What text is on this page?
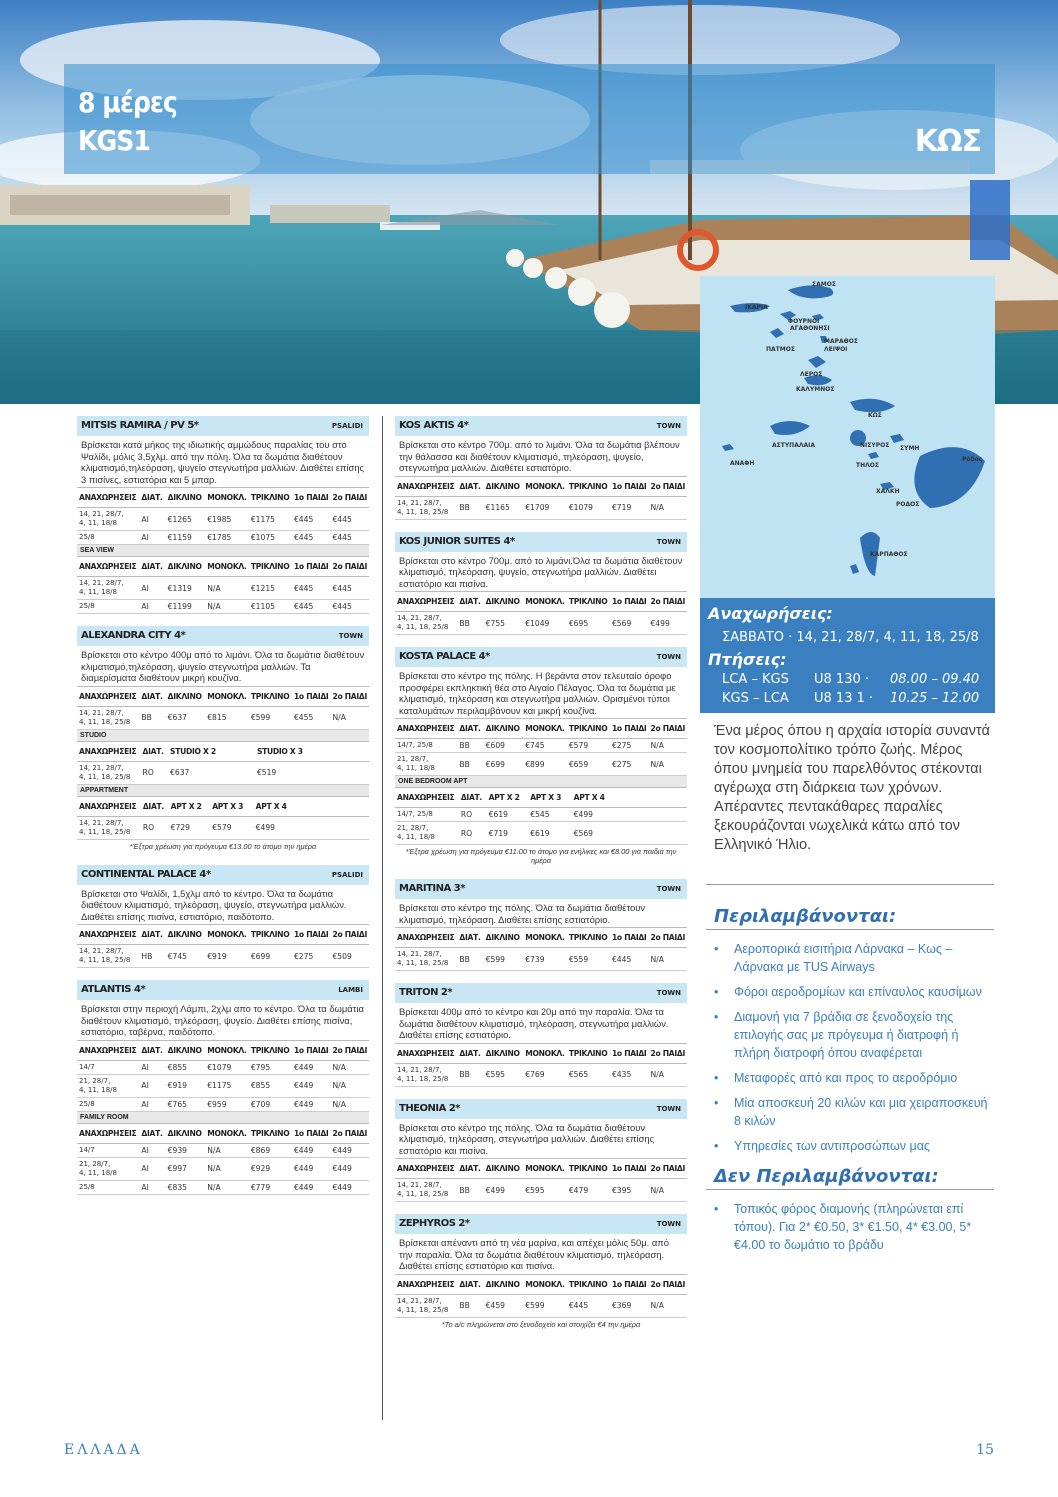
8 μέρες
KGS1	ΚΩΣ
ΣΑΜΟΣ
ΙΚΑΡΙΑ
ΦΟΥΡΝΟΙ
ΑΓΑΘΟΝΗΣΙ
ΠΑΤΜΟΣ
ΜΑΡΑΘΟΣ
ΛΕΙΨΟΙ
ΛΕΡΟΣ
ΚΑΛΥΜΝΟΣ
ΚΩΣ
ΑΣΤΥΠΑΛΑΙΑ	ΝΙΣΥΡΟΣ ΣΥΜΗ
ΑΝΑΦΗ	ΤΗΛΟΣ
Ρόδος
ΧΑΛΚΗ
ΡΟΔΟΣ
ΚΑΡΠΑΘΟΣ
Αναχωρήσεις:
ΣΑΒΒΑΤΟ · 14, 21, 28/7, 4, 11, 18, 25/8
Πτήσεις:
LCA – KGS U8 130 · 08.00 – 09.40
KGS – LCA U8 13 1 · 10.25 – 12.00
Ένα μέρος όπου η αρχαία ιστορία συναντά τον κοσμοπολίτικο τρόπο ζωής. Μέρος όπου μνημεία του παρελθόντος στέκονται αγέρωχα στη διάρκεια των χρόνων. Απέραντες πεντακάθαρες παραλίες ξεκουράζονται νωχελικά κάτω από τον Ελληνικό Ήλιο.
Περιλαμβάνονται:
• Αεροπορικά εισιτήρια Λάρνακα – Κως – Λάρνακα με TUS Airways
• Φόροι αεροδρομίων και επίναυλος καυσίμων
• Διαμονή για 7 βράδια σε ξενοδοχείο της επιλογής σας με πρόγευμα ή διατροφή ή πλήρη διατροφή όπου αναφέρεται
• Μεταφορές από και προς το αεροδρόμιο
• Μία αποσκευή 20 κιλών και μια χειραποσκευή 8 κιλών
• Υπηρεσίες των αντιπροσώπων μας
Δεν Περιλαμβάνονται:
• Τοπικός φόρος διαμονής (πληρώνεται επί τόπου). Για 2* €0.50, 3* €1.50, 4* €3.00, 5* €4.00 το δωμάτιο το βράδυ
MITSIS RAMIRA / PV 5*	PSALIDI
Βρίσκεται κατά μήκος της ιδιωτικής αμμώδους παραλίας του στο Ψαλίδι, μόλις 3,5χλμ. από την πόλη. Όλα τα δωμάτια διαθέτουν κλιματισμό,τηλεόραση, ψυγείο στεγνωτήρα μαλλιών. Διαθέτει επίσης 3 πισίνες, εστιατόρια και 5 μπαρ.
ΑΝΑΧΩΡΗΣΕΙΣ	ΔΙΑΤ.	ΔΙΚΛΙΝΟ	ΜΟΝΟΚΛ.	ΤΡΙΚΛΙΝΟ	1ο ΠΑΙΔΙ	2ο ΠΑΙΔΙ
14, 21, 28/7,
4, 11, 18/8	AI	€1265	€1985	€1175	€445	€445
25/8	AI	€1159	€1785	€1075	€445	€445
SEA VIEW
ΑΝΑΧΩΡΗΣΕΙΣ	ΔΙΑΤ.	ΔΙΚΛΙΝΟ	ΜΟΝΟΚΛ.	ΤΡΙΚΛΙΝΟ	1ο ΠΑΙΔΙ	2ο ΠΑΙΔΙ
14, 21, 28/7,
4, 11, 18/8	AI	€1319	N/A	€1215	€445	€445
25/8	AI	€1199	N/A	€1105	€445	€445
ALEXANDRA CITY 4*	TOWN
Βρίσκεται στο κέντρο 400μ από το λιμάνι. Όλα τα δωμάτια διαθέτουν κλιματισμό,τηλεόραση, ψυγείο στεγνωτήρα μαλλιών. Τα διαμερίσματα διαθέτουν μικρή κουζίνα.
ΑΝΑΧΩΡΗΣΕΙΣ	ΔΙΑΤ.	ΔΙΚΛΙΝΟ	ΜΟΝΟΚΛ.	ΤΡΙΚΛΙΝΟ	1ο ΠΑΙΔΙ	2ο ΠΑΙΔΙ
14, 21, 28/7,
4, 11, 18, 25/8	BB	€637	€815	€599	€455	N/A
STUDIO
ΑΝΑΧΩΡΗΣΕΙΣ	ΔΙΑΤ.	STUDIO X 2		STUDIO X 3		
14, 21, 28/7,
4, 11, 18, 25/8	RO	€637		€519		
APPARTMENT
ΑΝΑΧΩΡΗΣΕΙΣ	ΔΙΑΤ.	APT X 2	APT X 3	APT X 4		
14, 21, 28/7,
4, 11, 18, 25/8	RO	€729	€579	€499		
*Έξτρα χρέωση για πρόγευμα €13.00 το άτομο την ημέρα
CONTINENTAL PALACE 4*	PSALIDI
Βρίσκεται στο Ψαλίδι, 1,5χλμ από το κέντρο. Όλα τα δωμάτια διαθέτουν κλιματισμό, τηλεόραση, ψυγείο, στεγνωτήρα μαλλιών. Διαθέτει επίσης πισίνα, εστιατόριο, παιδότοπο.
ΑΝΑΧΩΡΗΣΕΙΣ	ΔΙΑΤ.	ΔΙΚΛΙΝΟ	ΜΟΝΟΚΛ.	ΤΡΙΚΛΙΝΟ	1ο ΠΑΙΔΙ	2ο ΠΑΙΔΙ
14, 21, 28/7,
4, 11, 18, 25/8	HB	€745	€919	€699	€275	€509
ATLANTIS 4*	LAMBI
Βρίσκεται στην περιοχή Λάμπι, 2χλμ απο το κέντρο. Όλα τα δωμάτια διαθέτουν κλιματισμό, τηλεόραση, ψυγείο. Διαθέτει επίσης πισίνα, εστιατόριο, ταβέρνα, παιδότοπο.
ΑΝΑΧΩΡΗΣΕΙΣ	ΔΙΑΤ.	ΔΙΚΛΙΝΟ	ΜΟΝΟΚΛ.	ΤΡΙΚΛΙΝΟ	1ο ΠΑΙΔΙ	2ο ΠΑΙΔΙ
14/7	AI	€855	€1079	€795	€449	N/A
21, 28/7,
4, 11, 18/8	AI	€919	€1175	€855	€449	N/A
25/8	AI	€765	€959	€709	€449	N/A
FAMILY ROOM
ΑΝΑΧΩΡΗΣΕΙΣ	ΔΙΑΤ.	ΔΙΚΛΙΝΟ	ΜΟΝΟΚΛ.	ΤΡΙΚΛΙΝΟ	1ο ΠΑΙΔΙ	2ο ΠΑΙΔΙ
14/7	AI	€939	N/A	€869	€449	€449
21, 28/7,
4, 11, 18/8	AI	€997	N/A	€929	€449	€449
25/8	AI	€835	N/A	€779	€449	€449
KOS AKTIS 4*	TOWN
Βρίσκεται στο κέντρο 700μ. από το λιμάνι. Όλα τα δωμάτια βλέπουν την θάλασσα και διαθέτουν κλιματισμό, τηλεόραση, ψυγείο, στεγνωτήρα μαλλιών. Διαθέτει εστιατόριο.
ΑΝΑΧΩΡΗΣΕΙΣ	ΔΙΑΤ.	ΔΙΚΛΙΝΟ	ΜΟΝΟΚΛ.	ΤΡΙΚΛΙΝΟ	1ο ΠΑΙΔΙ	2ο ΠΑΙΔΙ
14, 21, 28/7,
4, 11, 18, 25/8	BB	€1165	€1709	€1079	€719	N/A
KOS JUNIOR SUITES 4*	TOWN
Βρίσκεται στο κέντρο 700μ. από το λιμάνι.Όλα τα δωμάτια διαθέτουν κλιματισμό, τηλεόραση, ψυγείο, στεγνωτήρα μαλλιών. Διαθέτει εστιατόριο και πισίνα.
ΑΝΑΧΩΡΗΣΕΙΣ	ΔΙΑΤ.	ΔΙΚΛΙΝΟ	ΜΟΝΟΚΛ.	ΤΡΙΚΛΙΝΟ	1ο ΠΑΙΔΙ	2ο ΠΑΙΔΙ
14, 21, 28/7,
4, 11, 18, 25/8	BB	€755	€1049	€695	€569	€499
KOSTA PALACE 4*	TOWN
Βρίσκεται στο κέντρο της πόλης. Η βεράντα στον τελευταίο όροφο προσφέρει εκπληκτική θέα στο Αιγαίο Πέλαγος. Όλα τα δωμάτια με κλιματισμό, τηλεόραση και στεγνωτήρα μαλλιών. Ορισμένοι τύποι καταλυμάτων περιλαμβάνουν και μικρή κουζίνα.
ΑΝΑΧΩΡΗΣΕΙΣ	ΔΙΑΤ.	ΔΙΚΛΙΝΟ	ΜΟΝΟΚΛ.	ΤΡΙΚΛΙΝΟ	1ο ΠΑΙΔΙ	2ο ΠΑΙΔΙ
14/7, 25/8	BB	€609	€745	€579	€275	N/A
21, 28/7,
4, 11, 18/8	BB	€699	€899	€659	€275	N/A
ONE BEDROOM APT
ΑΝΑΧΩΡΗΣΕΙΣ	ΔΙΑΤ.	APT X 2	APT X 3	APT X 4		
14/7, 25/8	RO	€619	€545	€499		
21, 28/7,
4, 11, 18/8	RO	€719	€619	€569		
*Έξτρα χρέωση για πρόγευμα €11.00 το άτομο για ενήλικες και €8.00 για παιδιά την ημέρα
MARITINA 3*	TOWN
Βρίσκεται στο κέντρο της πόλης. Όλα τα δωμάτια διαθέτουν κλιματισμό, τηλεόραση. Διαθέτει επίσης εστιατόριο.
ΑΝΑΧΩΡΗΣΕΙΣ	ΔΙΑΤ.	ΔΙΚΛΙΝΟ	ΜΟΝΟΚΛ.	ΤΡΙΚΛΙΝΟ	1ο ΠΑΙΔΙ	2ο ΠΑΙΔΙ
14, 21, 28/7,
4, 11, 18, 25/8	BB	€599	€739	€559	€445	N/A
TRITON 2*	TOWN
Βρίσκεται 400μ από το κέντρο και 20μ από την παραλία. Όλα τα δωμάτια διαθέτουν κλιματισμό, τηλεόραση, στεγνωτήρα μαλλιών. Διαθέτει επίσης εστιατόριο.
ΑΝΑΧΩΡΗΣΕΙΣ	ΔΙΑΤ.	ΔΙΚΛΙΝΟ	ΜΟΝΟΚΛ.	ΤΡΙΚΛΙΝΟ	1ο ΠΑΙΔΙ	2ο ΠΑΙΔΙ
14, 21, 28/7,
4, 11, 18, 25/8	BB	€595	€769	€565	€435	N/A
THEONIA 2*	TOWN
Βρίσκεται στο κέντρο της πόλης. Όλα τα δωμάτια διαθέτουν κλιματισμό, τηλεόραση, στεγνωτήρα μαλλιών. Διαθέτει επίσης εστιατόριο και πισίνα.
ΑΝΑΧΩΡΗΣΕΙΣ	ΔΙΑΤ.	ΔΙΚΛΙΝΟ	ΜΟΝΟΚΛ.	ΤΡΙΚΛΙΝΟ	1ο ΠΑΙΔΙ	2ο ΠΑΙΔΙ
14, 21, 28/7,
4, 11, 18, 25/8	BB	€499	€595	€479	€395	N/A
ZEPHYROS 2*	TOWN
Βρίσκεται απέναντι από τη νέα μαρίνα, και απέχει μόλις 50μ. από την παραλία. Όλα τα δωμάτια διαθέτουν κλιματισμό, τηλεόραση. Διαθέτει επίσης εστιατόριο και πισίνα.
ΑΝΑΧΩΡΗΣΕΙΣ	ΔΙΑΤ.	ΔΙΚΛΙΝΟ	ΜΟΝΟΚΛ.	ΤΡΙΚΛΙΝΟ	1ο ΠΑΙΔΙ	2ο ΠΑΙΔΙ
14, 21, 28/7,
4, 11, 18, 25/8	BB	€459	€599	€445	€369	N/A
*Το a/c πληρώνεται στο ξενοδοχείο και στοιχίζει €4 την ημέρα
ΕΛΛΑΔΑ	15
